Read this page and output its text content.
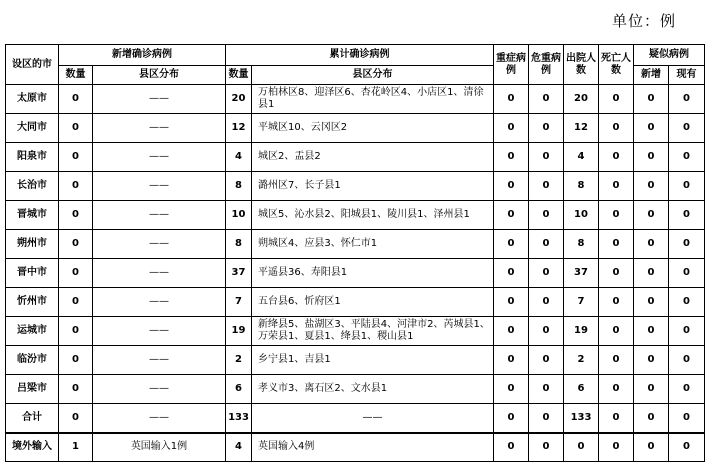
单位：例
设区的市	新增确诊病例		累计确诊病例		重症病例	危重病例	出院人数	死亡人数	疑似病例	
	数量	县区分布	数量	县区分布					新增	现有
太原市	0	——	20	万柏林区8、迎泽区6、杏花岭区4、小店区1、清徐县1	0	0	20	0	0	0
大同市	0	——	12	平城区10、云冈区2	0	0	12	0	0	0
阳泉市	0	——	4	城区2、盂县2	0	0	4	0	0	0
长治市	0	——	8	潞州区7、长子县1	0	0	8	0	0	0
晋城市	0	——	10	城区5、沁水县2、阳城县1、陵川县1、泽州县1	0	0	10	0	0	0
朔州市	0	——	8	朔城区4、应县3、怀仁市1	0	0	8	0	0	0
晋中市	0	——	37	平遥县36、寿阳县1	0	0	37	0	0	0
忻州市	0	——	7	五台县6、忻府区1	0	0	7	0	0	0
运城市	0	——	19	新绛县5、盐湖区3、平陆县4、河津市2、芮城县1、万荣县1、夏县1、绛县1、稷山县1	0	0	19	0	0	0
临汾市	0	——	2	乡宁县1、吉县1	0	0	2	0	0	0
吕梁市	0	——	6	孝义市3、离石区2、文水县1	0	0	6	0	0	0
合计	0	——	133	——	0	0	133	0	0	0
境外输入	1	英国输入1例	4	英国输入4例	0	0	0	0	0	0
